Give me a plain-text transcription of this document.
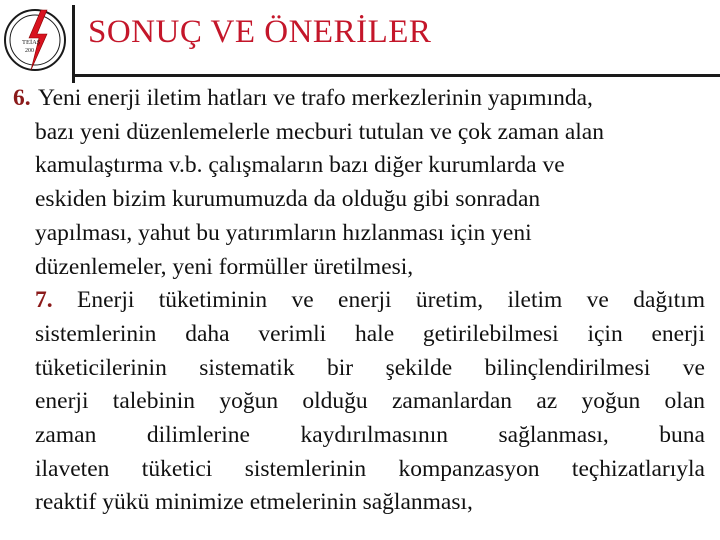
TEİAŞ
200
SONUÇ VE ÖNERİLER
6. Yeni enerji iletim hatları ve trafo merkezlerinin yapımında,
bazı yeni düzenlemelerle mecburi tutulan ve çok zaman alan
kamulaştırma v.b. çalışmaların bazı diğer kurumlarda ve
eskiden bizim kurumumuzda da olduğu gibi sonradan
yapılması, yahut bu yatırımların hızlanması için yeni
düzenlemeler, yeni formüller üretilmesi,
7. Enerji tüketiminin ve enerji üretim, iletim ve dağıtım
sistemlerinin daha verimli hale getirilebilmesi için enerji
tüketicilerinin sistematik bir şekilde bilinçlendirilmesi ve
enerji talebinin yoğun olduğu zamanlardan az yoğun olan
zaman dilimlerine kaydırılmasının sağlanması, buna
ilaveten tüketici sistemlerinin kompanzasyon teçhizatlarıyla
reaktif yükü minimize etmelerinin sağlanması,
